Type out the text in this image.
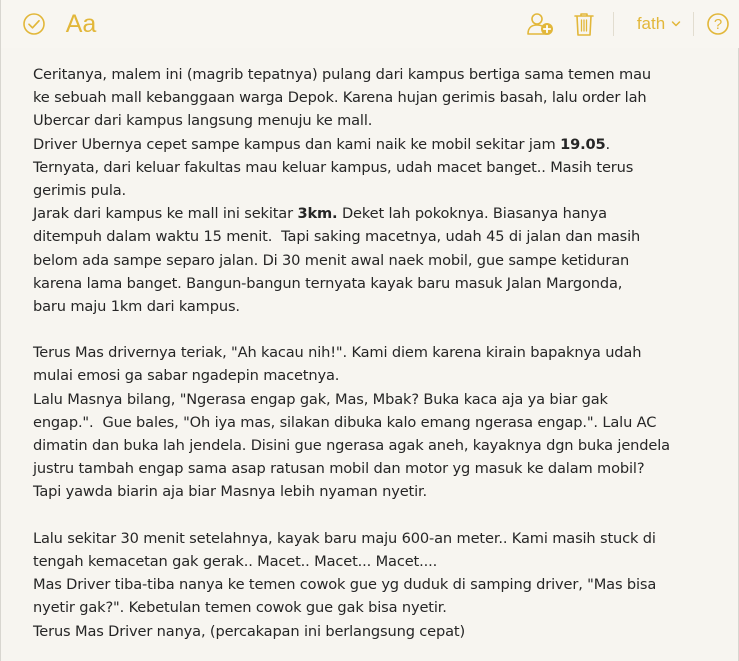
Aa	fath	?
Ceritanya, malem ini (magrib tepatnya) pulang dari kampus bertiga sama temen mau
ke sebuah mall kebanggaan warga Depok. Karena hujan gerimis basah, lalu order lah
Ubercar dari kampus langsung menuju ke mall.
Driver Ubernya cepet sampe kampus dan kami naik ke mobil sekitar jam 19.05.
Ternyata, dari keluar fakultas mau keluar kampus, udah macet banget.. Masih terus
gerimis pula.
Jarak dari kampus ke mall ini sekitar 3km. Deket lah pokoknya. Biasanya hanya
ditempuh dalam waktu 15 menit.  Tapi saking macetnya, udah 45 di jalan dan masih
belom ada sampe separo jalan. Di 30 menit awal naek mobil, gue sampe ketiduran
karena lama banget. Bangun-bangun ternyata kayak baru masuk Jalan Margonda,
baru maju 1km dari kampus.
Terus Mas drivernya teriak, "Ah kacau nih!". Kami diem karena kirain bapaknya udah
mulai emosi ga sabar ngadepin macetnya.
Lalu Masnya bilang, "Ngerasa engap gak, Mas, Mbak? Buka kaca aja ya biar gak
engap.".  Gue bales, "Oh iya mas, silakan dibuka kalo emang ngerasa engap.". Lalu AC
dimatin dan buka lah jendela. Disini gue ngerasa agak aneh, kayaknya dgn buka jendela
justru tambah engap sama asap ratusan mobil dan motor yg masuk ke dalam mobil?
Tapi yawda biarin aja biar Masnya lebih nyaman nyetir.
Lalu sekitar 30 menit setelahnya, kayak baru maju 600-an meter.. Kami masih stuck di
tengah kemacetan gak gerak.. Macet.. Macet... Macet....
Mas Driver tiba-tiba nanya ke temen cowok gue yg duduk di samping driver, "Mas bisa
nyetir gak?". Kebetulan temen cowok gue gak bisa nyetir.
Terus Mas Driver nanya, (percakapan ini berlangsung cepat)
